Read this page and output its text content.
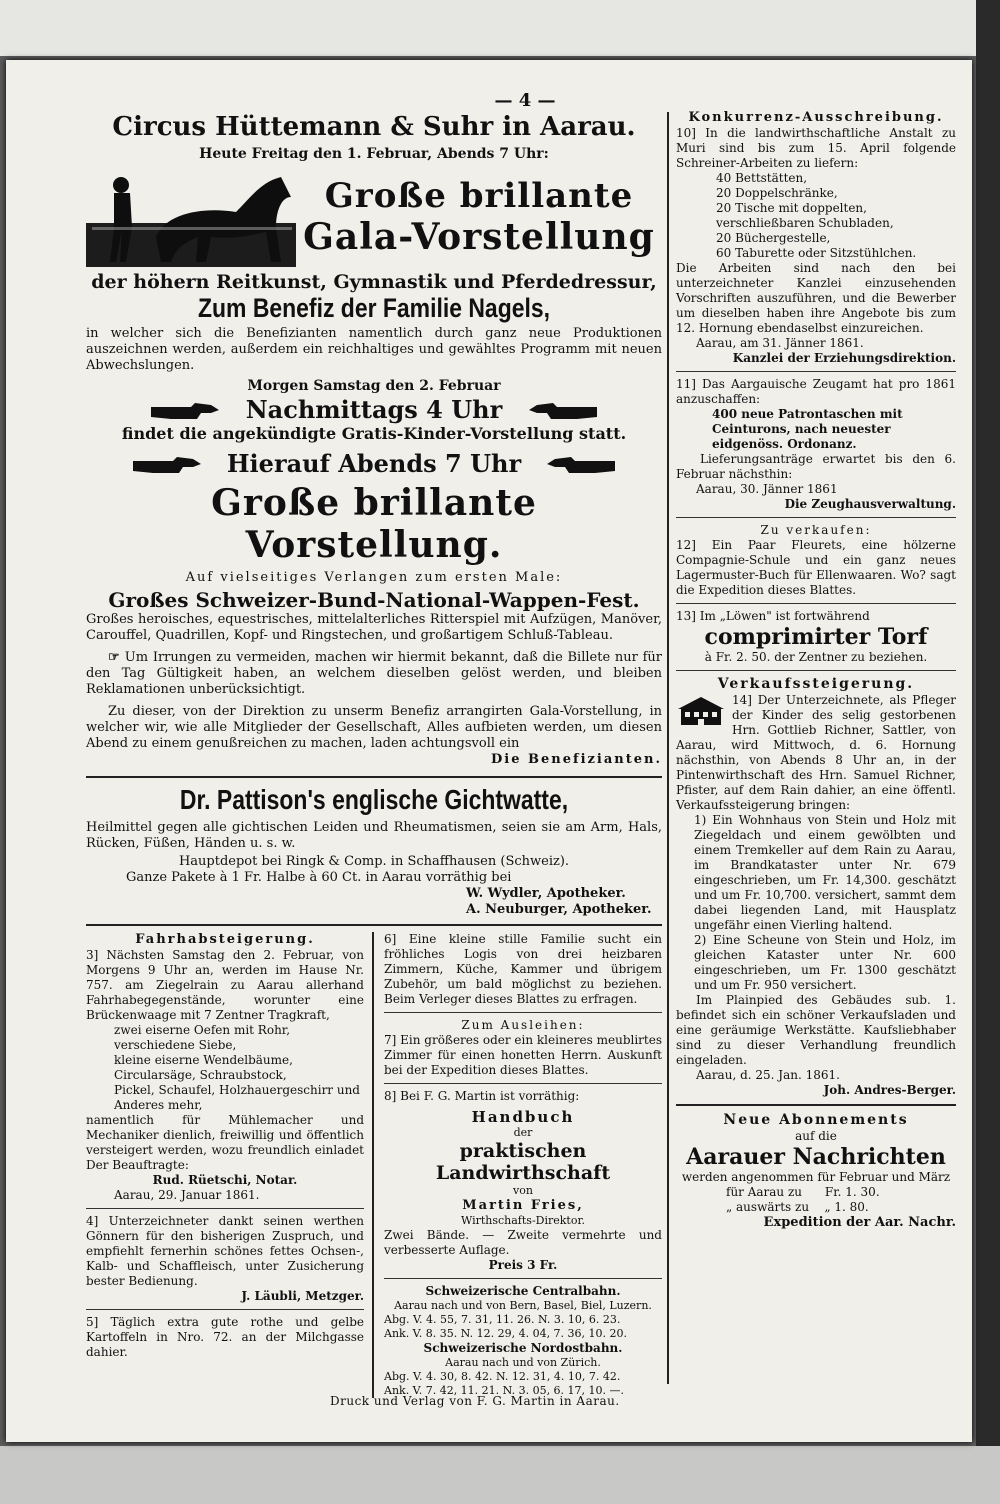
— 4 —
Circus Hüttemann & Suhr in Aarau.
Heute Freitag den 1. Februar, Abends 7 Uhr:
Große brillante
Gala-Vorstellung
der höhern Reitkunst, Gymnastik und Pferdedressur,
Zum Benefiz der Familie Nagels,
in welcher sich die Benefizianten namentlich durch ganz neue Produktionen auszeichnen werden, außerdem ein reichhaltiges und gewähltes Programm mit neuen Abwechslungen.
Morgen Samstag den 2. Februar
Nachmittags 4 Uhr
findet die angekündigte Gratis-Kinder-Vorstellung statt.
Hierauf Abends 7 Uhr
Große brillante Vorstellung.
Auf vielseitiges Verlangen zum ersten Male:
Großes Schweizer-Bund-National-Wappen-Fest.
Großes heroisches, equestrisches, mittelalterliches Ritterspiel mit Aufzügen, Manöver, Carouffel, Quadrillen, Kopf- und Ringstechen, und großartigem Schluß-Tableau.
☞ Um Irrungen zu vermeiden, machen wir hiermit bekannt, daß die Billete nur für den Tag Gültigkeit haben, an welchem dieselben gelöst werden, und bleiben Reklamationen unberücksichtigt.
Zu dieser, von der Direktion zu unserm Benefiz arrangirten Gala-Vorstellung, in welcher wir, wie alle Mitglieder der Gesellschaft, Alles aufbieten werden, um diesen Abend zu einem genußreichen zu machen, laden achtungsvoll ein
Die Benefizianten.
Dr. Pattison's englische Gichtwatte,
Heilmittel gegen alle gichtischen Leiden und Rheumatismen, seien sie am Arm, Hals, Rücken, Füßen, Händen u. s. w.
Hauptdepot bei Ringk & Comp. in Schaffhausen (Schweiz).
Ganze Pakete à 1 Fr. Halbe à 60 Ct. in Aarau vorräthig bei
W. Wydler, Apotheker.
A. Neuburger, Apotheker.
Fahrhabsteigerung.
3] Nächsten Samstag den 2. Februar, von Morgens 9 Uhr an, werden im Hause Nr. 757. am Ziegelrain zu Aarau allerhand Fahrhabegegenstände, worunter eine Brückenwaage mit 7 Zentner Tragkraft,
zwei eiserne Oefen mit Rohr,
verschiedene Siebe,
kleine eiserne Wendelbäume,
Circularsäge, Schraubstock,
Pickel, Schaufel, Holzhauergeschirr und Anderes mehr,
namentlich für Mühlemacher und Mechaniker dienlich, freiwillig und öffentlich versteigert werden, wozu freundlich einladet Der Beauftragte:
Rud. Rüetschi, Notar.
Aarau, 29. Januar 1861.
4] Unterzeichneter dankt seinen werthen Gönnern für den bisherigen Zuspruch, und empfiehlt fernerhin schönes fettes Ochsen-, Kalb- und Schaffleisch, unter Zusicherung bester Bedienung.
J. Läubli, Metzger.
5] Täglich extra gute rothe und gelbe Kartoffeln in Nro. 72. an der Milchgasse dahier.
6] Eine kleine stille Familie sucht ein fröhliches Logis von drei heizbaren Zimmern, Küche, Kammer und übrigem Zubehör, um bald möglichst zu beziehen. Beim Verleger dieses Blattes zu erfragen.
Zum Ausleihen:
7] Ein größeres oder ein kleineres meublirtes Zimmer für einen honetten Herrn. Auskunft bei der Expedition dieses Blattes.
8] Bei F. G. Martin ist vorräthig:
Handbuch
der
praktischen Landwirthschaft
von
Martin Fries,
Wirthschafts-Direktor.
Zwei Bände. — Zweite vermehrte und verbesserte Auflage.
Preis 3 Fr.
Schweizerische Centralbahn.
Aarau nach und von Bern, Basel, Biel, Luzern.
Abg. V. 4. 55, 7. 31, 11. 26. N. 3. 10, 6. 23.
Ank. V. 8. 35. N. 12. 29, 4. 04, 7. 36, 10. 20.
Schweizerische Nordostbahn.
Aarau nach und von Zürich.
Abg. V. 4. 30, 8. 42. N. 12. 31, 4. 10, 7. 42.
Ank. V. 7. 42, 11. 21. N. 3. 05, 6. 17, 10. —.
Konkurrenz-Ausschreibung.
10] In die landwirthschaftliche Anstalt zu Muri sind bis zum 15. April folgende Schreiner-Arbeiten zu liefern:
40 Bettstätten,
20 Doppelschränke,
20 Tische mit doppelten, verschließbaren Schubladen,
20 Büchergestelle,
60 Taburette oder Sitzstühlchen.
Die Arbeiten sind nach den bei unterzeichneter Kanzlei einzusehenden Vorschriften auszuführen, und die Bewerber um dieselben haben ihre Angebote bis zum 12. Hornung ebendaselbst einzureichen.
Aarau, am 31. Jänner 1861.
Kanzlei der Erziehungsdirektion.
11] Das Aargauische Zeugamt hat pro 1861 anzuschaffen:
400 neue Patrontaschen mit Ceinturons, nach neuester eidgenöss. Ordonanz.
Lieferungsanträge erwartet bis den 6. Februar nächsthin:
Aarau, 30. Jänner 1861
Die Zeughausverwaltung.
Zu verkaufen:
12] Ein Paar Fleurets, eine hölzerne Compagnie-Schule und ein ganz neues Lagermuster-Buch für Ellenwaaren. Wo? sagt die Expedition dieses Blattes.
13] Im „Löwen" ist fortwährend
comprimirter Torf
à Fr. 2. 50. der Zentner zu beziehen.
Verkaufssteigerung.
14] Der Unterzeichnete, als Pfleger der Kinder des selig gestorbenen Hrn. Gottlieb Richner, Sattler, von Aarau, wird Mittwoch, d. 6. Hornung nächsthin, von Abends 8 Uhr an, in der Pintenwirthschaft des Hrn. Samuel Richner, Pfister, auf dem Rain dahier, an eine öffentl. Verkaufssteigerung bringen:
1) Ein Wohnhaus von Stein und Holz mit Ziegeldach und einem gewölbten und einem Tremkeller auf dem Rain zu Aarau, im Brandkataster unter Nr. 679 eingeschrieben, um Fr. 14,300. geschätzt und um Fr. 10,700. versichert, sammt dem dabei liegenden Land, mit Hausplatz ungefähr einen Vierling haltend.
2) Eine Scheune von Stein und Holz, im gleichen Kataster unter Nr. 600 eingeschrieben, um Fr. 1300 geschätzt und um Fr. 950 versichert.
Im Plainpied des Gebäudes sub. 1. befindet sich ein schöner Verkaufsladen und eine geräumige Werkstätte. Kaufsliebhaber sind zu dieser Verhandlung freundlich eingeladen.
Aarau, d. 25. Jan. 1861.
Joh. Andres-Berger.
Neue Abonnements
auf die
Aarauer Nachrichten
werden angenommen für Februar und März
für Aarau zu      Fr. 1. 30.
„ auswärts zu    „ 1. 80.
Expedition der Aar. Nachr.
Druck und Verlag von F. G. Martin in Aarau.
